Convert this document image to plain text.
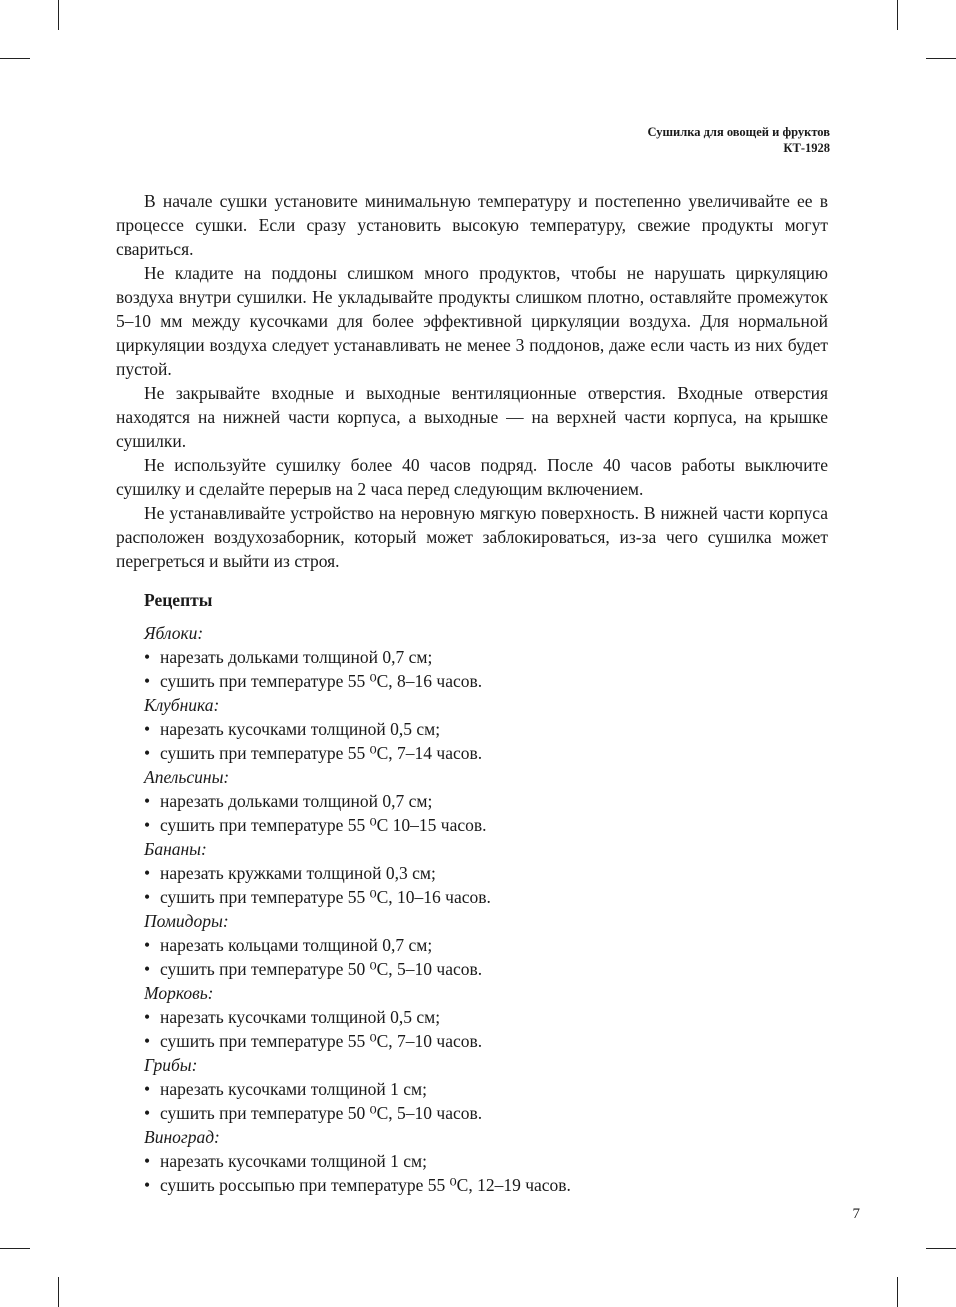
Сушилка для овощей и фруктов
КТ-1928

В начале сушки установите минимальную температуру и постепенно увеличивайте ее в процессе сушки. Если сразу установить высокую температуру, свежие продукты могут свариться.

Не кладите на поддоны слишком много продуктов, чтобы не нарушать циркуляцию воздуха внутри сушилки. Не укладывайте продукты слишком плотно, оставляйте промежуток 5–10 мм между кусочками для более эффективной циркуляции воздуха. Для нормальной циркуляции воздуха следует устанавливать не менее 3 поддонов, даже если часть из них будет пустой.

Не закрывайте входные и выходные вентиляционные отверстия. Входные отверстия находятся на нижней части корпуса, а выходные — на верхней части корпуса, на крышке сушилки.

Не используйте сушилку более 40 часов подряд. После 40 часов работы выключите сушилку и сделайте перерыв на 2 часа перед следующим включением.

Не устанавливайте устройство на неровную мягкую поверхность. В нижней части корпуса расположен воздухозаборник, который может заблокироваться, из-за чего сушилка может перегреться и выйти из строя.

Рецепты
Яблоки:
• нарезать дольками толщиной 0,7 см;
• сушить при температуре 55 ⁰С, 8–16 часов.
Клубника:
• нарезать кусочками толщиной 0,5 см;
• сушить при температуре 55 ⁰С, 7–14 часов.
Апельсины:
• нарезать дольками толщиной 0,7 см;
• сушить при температуре 55 ⁰С 10–15 часов.
Бананы:
• нарезать кружками толщиной 0,3 см;
• сушить при температуре 55 ⁰С, 10–16 часов.
Помидоры:
• нарезать кольцами толщиной 0,7 см;
• сушить при температуре 50 ⁰С, 5–10 часов.
Морковь:
• нарезать кусочками толщиной 0,5 см;
• сушить при температуре 55 ⁰С, 7–10 часов.
Грибы:
• нарезать кусочками толщиной 1 см;
• сушить при температуре 50 ⁰С, 5–10 часов.
Виноград:
• нарезать кусочками толщиной 1 см;
• сушить россыпью при температуре 55 ⁰С, 12–19 часов.
7
